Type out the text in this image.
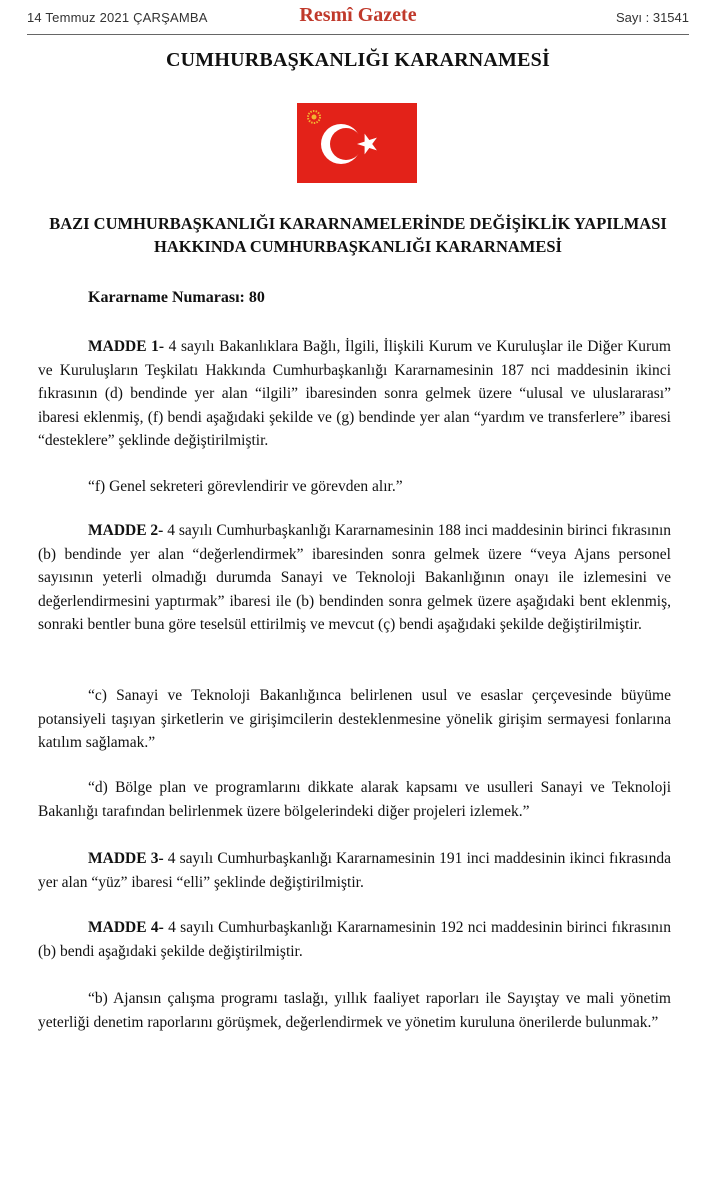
14 Temmuz 2021 ÇARŞAMBA	Resmî Gazete	Sayı : 31541
CUMHURBAŞKANLIĞI KARARNAMESİ
BAZI CUMHURBAŞKANLIĞI KARARNAMELERİNDE DEĞİŞİKLİK YAPILMASI
HAKKINDA CUMHURBAŞKANLIĞI KARARNAMESİ
Kararname Numarası: 80

MADDE 1- 4 sayılı Bakanlıklara Bağlı, İlgili, İlişkili Kurum ve Kuruluşlar ile Diğer Kurum ve Kuruluşların Teşkilatı Hakkında Cumhurbaşkanlığı Kararnamesinin 187 nci maddesinin ikinci fıkrasının (d) bendinde yer alan “ilgili” ibaresinden sonra gelmek üzere “ulusal ve uluslararası” ibaresi eklenmiş, (f) bendi aşağıdaki şekilde ve (g) bendinde yer alan “yardım ve transferlere” ibaresi “desteklere” şeklinde değiştirilmiştir.

“f) Genel sekreteri görevlendirir ve görevden alır.”

MADDE 2- 4 sayılı Cumhurbaşkanlığı Kararnamesinin 188 inci maddesinin birinci fıkrasının (b) bendinde yer alan “değerlendirmek” ibaresinden sonra gelmek üzere “veya Ajans personel sayısının yeterli olmadığı durumda Sanayi ve Teknoloji Bakanlığının onayı ile izlemesini ve değerlendirmesini yaptırmak” ibaresi ile (b) bendinden sonra gelmek üzere aşağıdaki bent eklenmiş, sonraki bentler buna göre teselsül ettirilmiş ve mevcut (ç) bendi aşağıdaki şekilde değiştirilmiştir.

“c) Sanayi ve Teknoloji Bakanlığınca belirlenen usul ve esaslar çerçevesinde büyüme potansiyeli taşıyan şirketlerin ve girişimcilerin desteklenmesine yönelik girişim sermayesi fonlarına katılım sağlamak.”

“d) Bölge plan ve programlarını dikkate alarak kapsamı ve usulleri Sanayi ve Teknoloji Bakanlığı tarafından belirlenmek üzere bölgelerindeki diğer projeleri izlemek.”

MADDE 3- 4 sayılı Cumhurbaşkanlığı Kararnamesinin 191 inci maddesinin ikinci fıkrasında yer alan “yüz” ibaresi “elli” şeklinde değiştirilmiştir.

MADDE 4- 4 sayılı Cumhurbaşkanlığı Kararnamesinin 192 nci maddesinin birinci fıkrasının (b) bendi aşağıdaki şekilde değiştirilmiştir.

“b) Ajansın çalışma programı taslağı, yıllık faaliyet raporları ile Sayıştay ve mali yönetim yeterliği denetim raporlarını görüşmek, değerlendirmek ve yönetim kuruluna önerilerde bulunmak.”
